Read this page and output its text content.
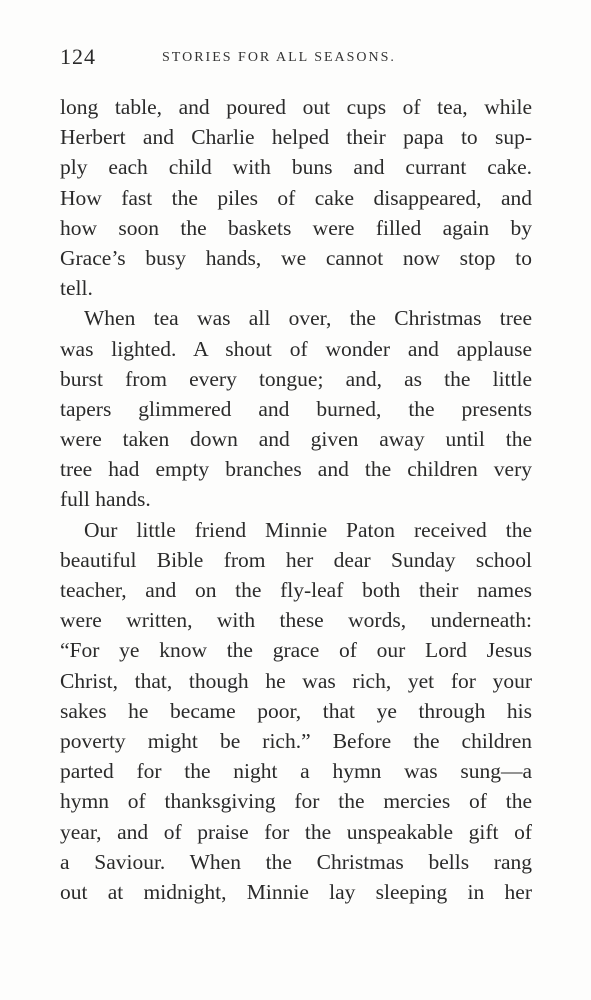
124	STORIES FOR ALL SEASONS.
long table, and poured out cups of tea, while
Herbert and Charlie helped their papa to sup-
ply each child with buns and currant cake.
How fast the piles of cake disappeared, and
how soon the baskets were filled again by
Grace’s busy hands, we cannot now stop to
tell.
When tea was all over, the Christmas tree
was lighted. A shout of wonder and applause
burst from every tongue; and, as the little
tapers glimmered and burned, the presents
were taken down and given away until the
tree had empty branches and the children very
full hands.
Our little friend Minnie Paton received the
beautiful Bible from her dear Sunday school
teacher, and on the fly-leaf both their names
were written, with these words, underneath:
“For ye know the grace of our Lord Jesus
Christ, that, though he was rich, yet for your
sakes he became poor, that ye through his
poverty might be rich.” Before the children
parted for the night a hymn was sung—a
hymn of thanksgiving for the mercies of the
year, and of praise for the unspeakable gift of
a Saviour. When the Christmas bells rang
out at midnight, Minnie lay sleeping in her
